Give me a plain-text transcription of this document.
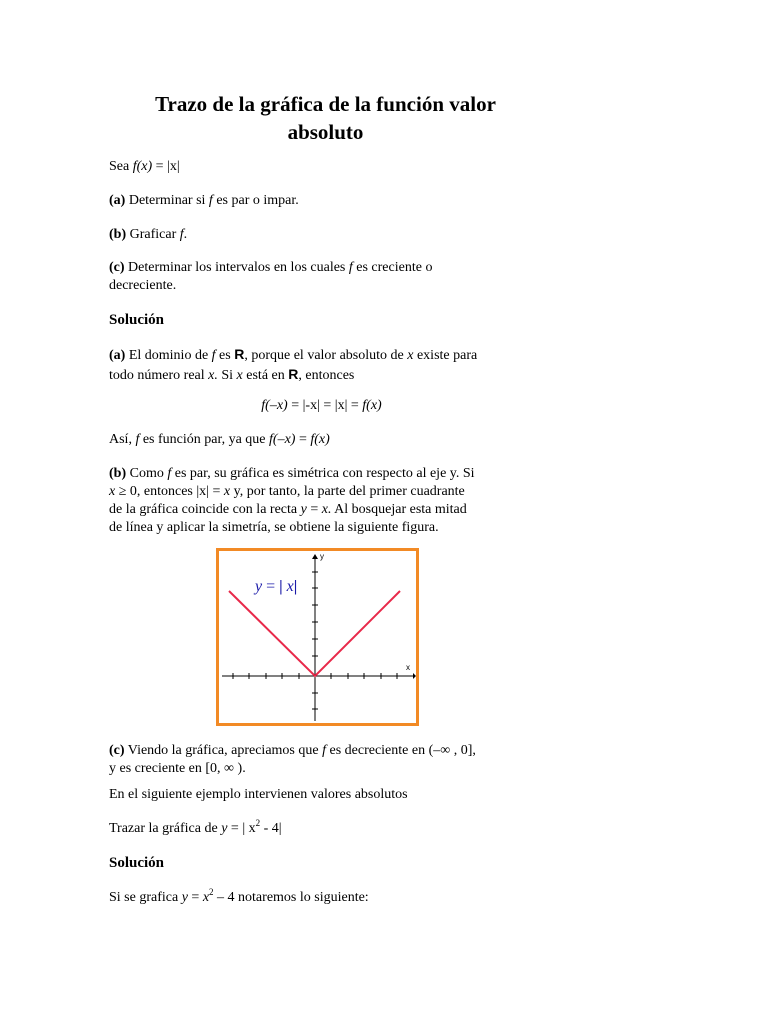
Trazo de la gráfica de la función valor
absoluto
Sea f(x) = |x|
(a) Determinar si f es par o impar.
(b) Graficar f.
(c) Determinar los intervalos en los cuales f es creciente o
decreciente.
Solución
(a) El dominio de f es R, porque el valor absoluto de x existe para
todo número real x. Si x está en R, entonces
f(–x) = |-x| = |x| = f(x)
Así, f es función par, ya que f(–x) = f(x)
(b) Como f es par, su gráfica es simétrica con respecto al eje y. Si
x ≥ 0, entonces |x| = x y, por tanto, la parte del primer cuadrante
de la gráfica coincide con la recta y = x. Al bosquejar esta mitad
de línea y aplicar la simetría, se obtiene la siguiente figura.
y = | x|
x
y
(c) Viendo la gráfica, apreciamos que f es decreciente en (–∞ , 0],
y es creciente en [0, ∞ ).
En el siguiente ejemplo intervienen valores absolutos
Trazar la gráfica de y = | $x^2 - 4|$
Solución
Si se grafica $y = x^2 - 4$ notaremos lo siguiente:
